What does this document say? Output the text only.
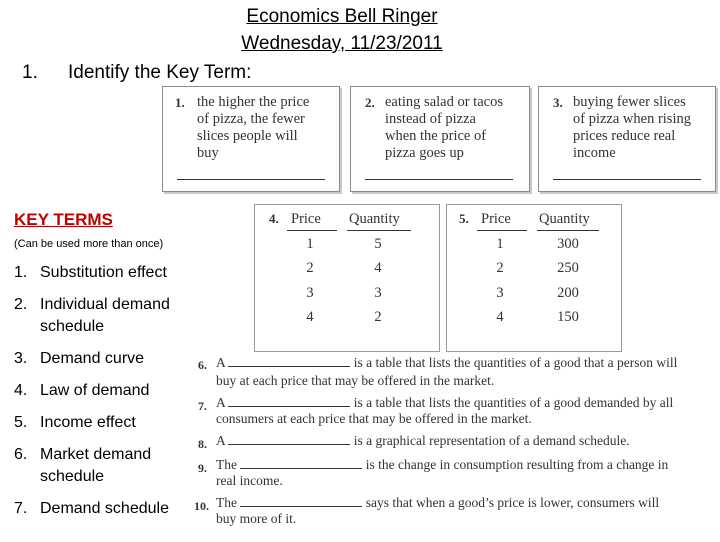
Economics Bell Ringer
Wednesday, 11/23/2011
1. Identify the Key Term:
1. the higher the price
of pizza, the fewer
slices people will
buy
2. eating salad or tacos
instead of pizza
when the price of
pizza goes up
3. buying fewer slices
of pizza when rising
prices reduce real
income
KEY TERMS
(Can be used more than once)
1. Substitution effect
2. Individual demand schedule
3. Demand curve
4. Law of demand
5. Income effect
6. Market demand schedule
7. Demand schedule
4. Price Quantity
1	5
2	4
3	3
4	2
5. Price Quantity
1	300
2	250
3	200
4	150
6. A	is a table that lists the quantities of a good that a person will
buy at each price that may be offered in the market.
7. A	is a table that lists the quantities of a good demanded by all
consumers at each price that may be offered in the market.
8. A	is a graphical representation of a demand schedule.
9. The	is the change in consumption resulting from a change in
real income.
10. The	says that when a good’s price is lower, consumers will
buy more of it.
